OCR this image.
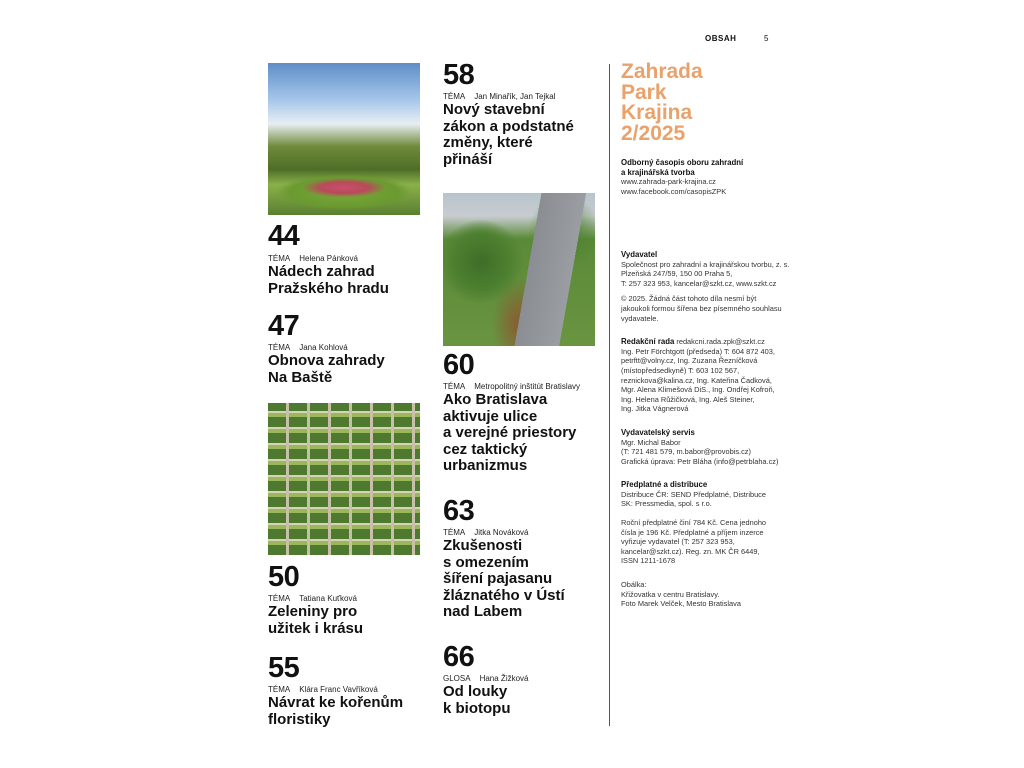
OBSAH	5
44
TÉMA Helena Pánková
Nádech zahrad
Pražského hradu
47
TÉMA Jana Kohlová
Obnova zahrady
Na Baště
50
TÉMA Tatiana Kuťková
Zeleniny pro
užitek i krásu
55
TÉMA Klára Franc Vavříková
Návrat ke kořenům
floristiky
58
TÉMA Jan Minařík, Jan Tejkal
Nový stavební
zákon a podstatné
změny, které
přináší
60
TÉMA Metropolitný inštitút Bratislavy
Ako Bratislava
aktivuje ulice
a verejné priestory
cez taktický
urbanizmus
63
TÉMA Jitka Nováková
Zkušenosti
s omezením
šíření pajasanu
žláznatého v Ústí
nad Labem
66
GLOSA Hana Žižková
Od louky
k biotopu
Zahrada
Park
Krajina
2/2025
Odborný časopis oboru zahradní
a krajinářská tvorba
www.zahrada-park-krajina.cz
www.facebook.com/casopisZPK
Vydavatel
Společnost pro zahradní a krajinářskou tvorbu, z. s.
Plzeňská 247/59, 150 00 Praha 5,
T: 257 323 953, kancelar@szkt.cz, www.szkt.cz

© 2025. Žádná část tohoto díla nesmí být
jakoukoli formou šířena bez písemného souhlasu
vydavatele.

Redakční rada redakcni.rada.zpk@szkt.cz
Ing. Petr Förchtgott (předseda) T: 604 872 403,
petrftt@volny.cz, Ing. Zuzana Řezníčková
(místopředsedkyně) T: 603 102 567,
reznickova@kalina.cz, Ing. Kateřina Čadková,
Mgr. Alena Klimešová DiS., Ing. Ondřej Kofroň,
Ing. Helena Růžičková, Ing. Aleš Steiner,
Ing. Jitka Vágnerová

Vydavatelský servis
Mgr. Michal Babor
(T: 721 481 579, m.babor@provobis.cz)
Grafická úprava: Petr Bláha (info@petrblaha.cz)

Předplatné a distribuce
Distribuce ČR: SEND Předplatné, Distribuce
SK: Pressmedia, spol. s r.o.

Roční předplatné činí 784 Kč. Cena jednoho
čísla je 196 Kč. Předplatné a příjem inzerce
vyřizuje vydavatel (T: 257 323 953,
kancelar@szkt.cz). Reg. zn. MK ČR 6449,
ISSN 1211-1678

Obálka:
Křižovatka v centru Bratislavy.
Foto Marek Velček, Mesto Bratislava
